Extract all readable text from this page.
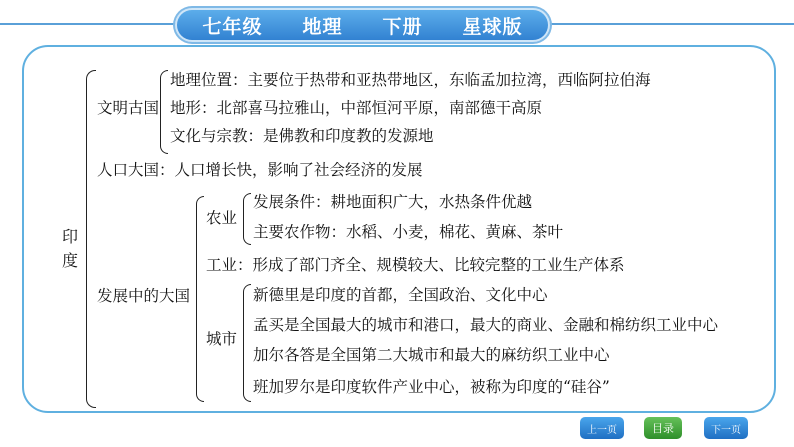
七年级 地理 下册 星球版
印度
文明古国
地理位置：主要位于热带和亚热带地区，东临孟加拉湾，西临阿拉伯海
地形：北部喜马拉雅山，中部恒河平原，南部德干高原
文化与宗教：是佛教和印度教的发源地
人口大国：人口增长快，影响了社会经济的发展
发展中的大国
农业
发展条件：耕地面积广大，水热条件优越
主要农作物：水稻、小麦，棉花、黄麻、茶叶
工业：形成了部门齐全、规模较大、比较完整的工业生产体系
城市
新德里是印度的首都，全国政治、文化中心
孟买是全国最大的城市和港口，最大的商业、金融和棉纺织工业中心
加尔各答是全国第二大城市和最大的麻纺织工业中心
班加罗尔是印度软件产业中心，被称为印度的“硅谷”
上一页	目录	下一页
